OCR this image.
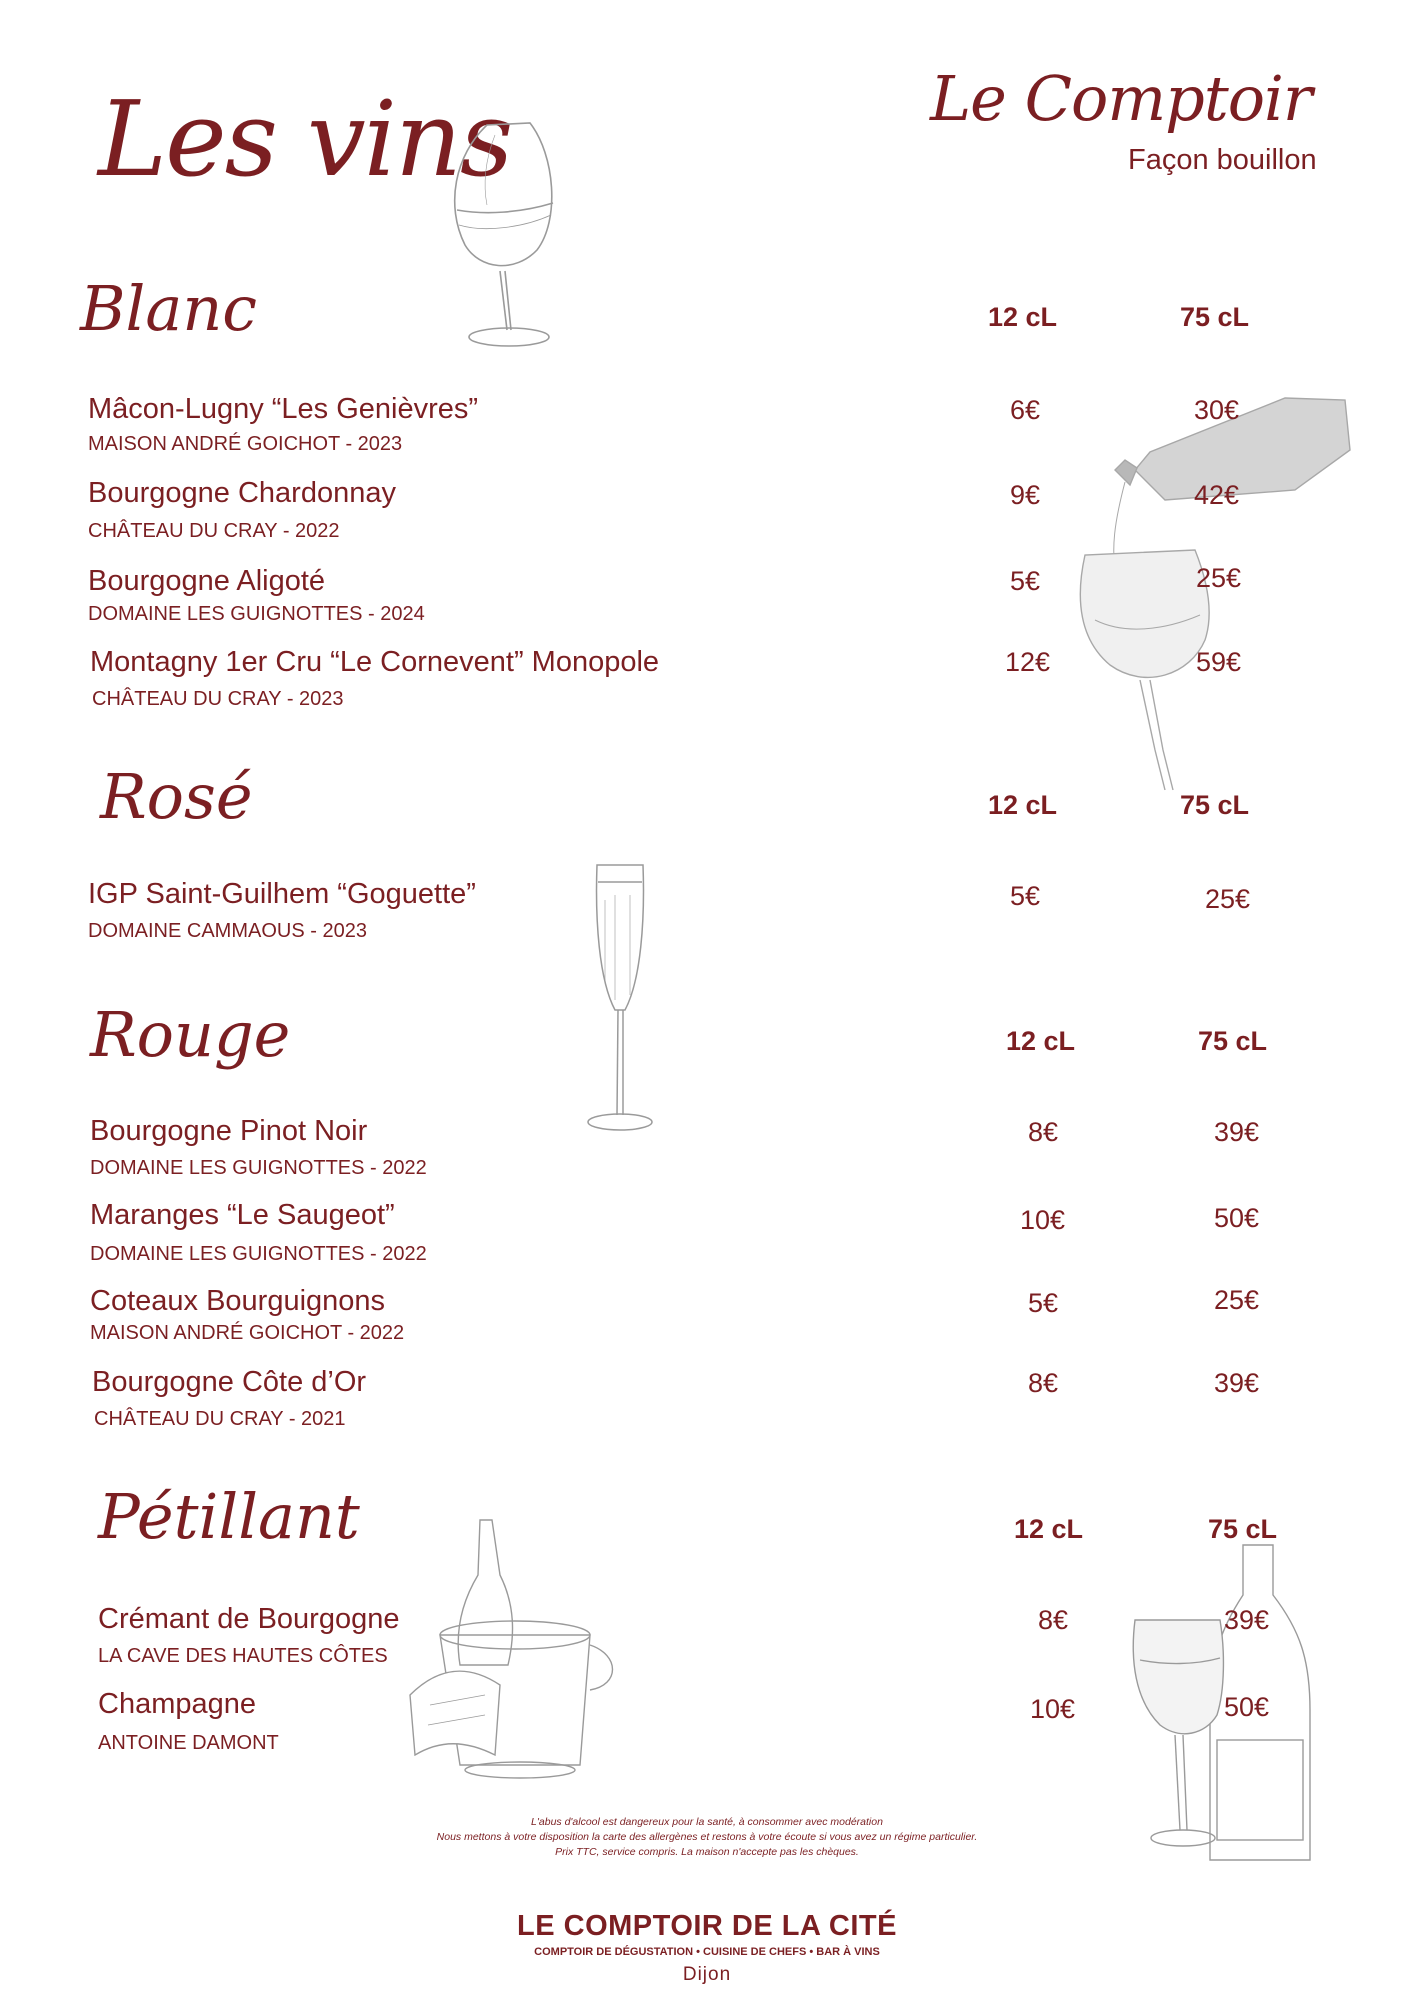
Les vins	Le Comptoir
Façon bouillon
Blanc	12 cL	75 cL
Mâcon-Lugny “Les Genièvres”
MAISON ANDRÉ GOICHOT - 2023
6€	30€
Bourgogne Chardonnay
CHÂTEAU DU CRAY - 2022
9€	42€
Bourgogne Aligoté
DOMAINE LES GUIGNOTTES - 2024
5€	25€
Montagny 1er Cru “Le Cornevent” Monopole
CHÂTEAU DU CRAY - 2023
12€	59€
Rosé	12 cL	75 cL
IGP Saint-Guilhem “Goguette”
DOMAINE CAMMAOUS - 2023
5€	25€
Rouge	12 cL	75 cL
Bourgogne Pinot Noir
DOMAINE LES GUIGNOTTES - 2022
8€	39€
Maranges “Le Saugeot”
DOMAINE LES GUIGNOTTES - 2022
10€	50€
Coteaux Bourguignons
MAISON ANDRÉ GOICHOT - 2022
5€	25€
Bourgogne Côte d’Or
CHÂTEAU DU CRAY - 2021
8€	39€
Pétillant	12 cL	75 cL
Crémant de Bourgogne
LA CAVE DES HAUTES CÔTES
8€	39€
Champagne
ANTOINE DAMONT
10€	50€
L'abus d'alcool est dangereux pour la santé, à consommer avec modération
Nous mettons à votre disposition la carte des allergènes et restons à votre écoute si vous avez un régime particulier.
Prix TTC, service compris. La maison n'accepte pas les chèques.
LE COMPTOIR DE LA CITÉ
COMPTOIR DE DÉGUSTATION • CUISINE DE CHEFS • BAR À VINS
Dijon
